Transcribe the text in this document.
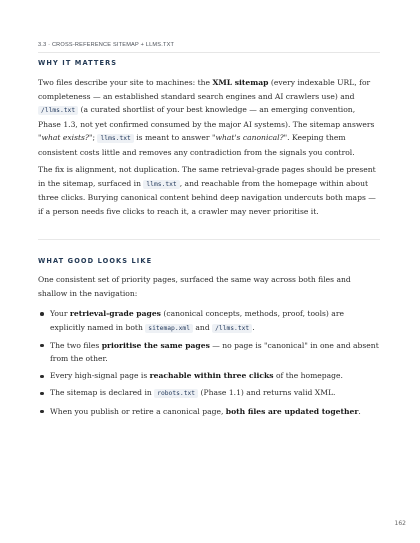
3.3 · CROSS-REFERENCE SITEMAP + LLMS.TXT
WHY IT MATTERS

Two files describe your site to machines: the XML sitemap (every indexable URL, for completeness — an established standard search engines and AI crawlers use) and /llms.txt (a curated shortlist of your best knowledge — an emerging convention, Phase 1.3, not yet confirmed consumed by the major AI systems). The sitemap answers "what exists?"; llms.txt is meant to answer "what's canonical?". Keeping them consistent costs little and removes any contradiction from the signals you control.

The fix is alignment, not duplication. The same retrieval-grade pages should be present in the sitemap, surfaced in llms.txt , and reachable from the homepage within about three clicks. Burying canonical content behind deep navigation undercuts both maps — if a person needs five clicks to reach it, a crawler may never prioritise it.

WHAT GOOD LOOKS LIKE

One consistent set of priority pages, surfaced the same way across both files and shallow in the navigation:

Your retrieval-grade pages (canonical concepts, methods, proof, tools) are explicitly named in both sitemap.xml and /llms.txt .
The two files prioritise the same pages — no page is "canonical" in one and absent from the other.
Every high-signal page is reachable within three clicks of the homepage.
The sitemap is declared in robots.txt (Phase 1.1) and returns valid XML.
When you publish or retire a canonical page, both files are updated together.
162
